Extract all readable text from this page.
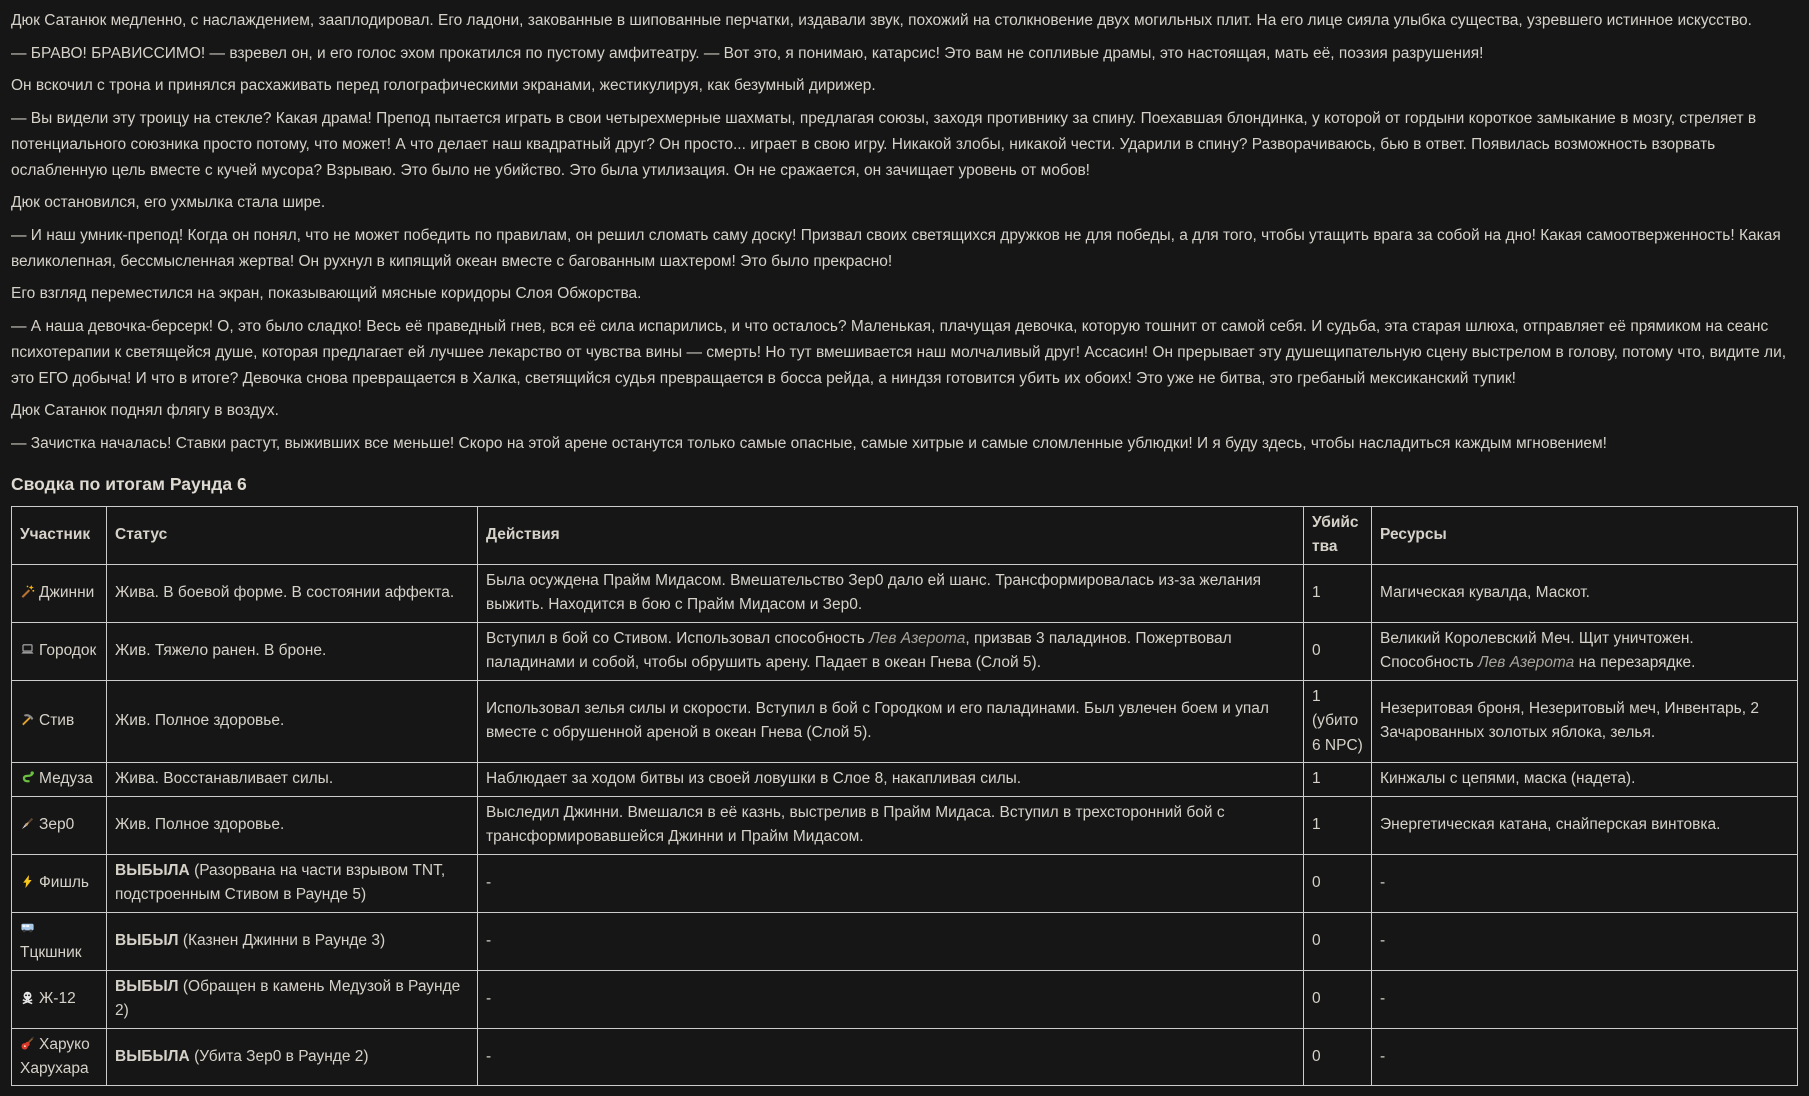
Дюк Сатанюк медленно, с наслаждением, зааплодировал. Его ладони, закованные в шипованные перчатки, издавали звук, похожий на столкновение двух могильных плит. На его лице сияла улыбка существа, узревшего истинное искусство.

— БРАВО! БРАВИССИМО! — взревел он, и его голос эхом прокатился по пустому амфитеатру. — Вот это, я понимаю, катарсис! Это вам не сопливые драмы, это настоящая, мать её, поэзия разрушения!

Он вскочил с трона и принялся расхаживать перед голографическими экранами, жестикулируя, как безумный дирижер.

— Вы видели эту троицу на стекле? Какая драма! Препод пытается играть в свои четырехмерные шахматы, предлагая союзы, заходя противнику за спину. Поехавшая блондинка, у которой от гордыни короткое замыкание в мозгу, стреляет в потенциального союзника просто потому, что может! А что делает наш квадратный друг? Он просто... играет в свою игру. Никакой злобы, никакой чести. Ударили в спину? Разворачиваюсь, бью в ответ. Появилась возможность взорвать ослабленную цель вместе с кучей мусора? Взрываю. Это было не убийство. Это была утилизация. Он не сражается, он зачищает уровень от мобов!

Дюк остановился, его ухмылка стала шире.

— И наш умник-препод! Когда он понял, что не может победить по правилам, он решил сломать саму доску! Призвал своих светящихся дружков не для победы, а для того, чтобы утащить врага за собой на дно! Какая самоотверженность! Какая великолепная, бессмысленная жертва! Он рухнул в кипящий океан вместе с багованным шахтером! Это было прекрасно!

Его взгляд переместился на экран, показывающий мясные коридоры Слоя Обжорства.

— А наша девочка-берсерк! О, это было сладко! Весь её праведный гнев, вся её сила испарились, и что осталось? Маленькая, плачущая девочка, которую тошнит от самой себя. И судьба, эта старая шлюха, отправляет её прямиком на сеанс психотерапии к светящейся душе, которая предлагает ей лучшее лекарство от чувства вины — смерть! Но тут вмешивается наш молчаливый друг! Ассасин! Он прерывает эту душещипательную сцену выстрелом в голову, потому что, видите ли, это ЕГО добыча! И что в итоге? Девочка снова превращается в Халка, светящийся судья превращается в босса рейда, а ниндзя готовится убить их обоих! Это уже не битва, это гребаный мексиканский тупик!

Дюк Сатанюк поднял флягу в воздух.

— Зачистка началась! Ставки растут, выживших все меньше! Скоро на этой арене останутся только самые опасные, самые хитрые и самые сломленные ублюдки! И я буду здесь, чтобы насладиться каждым мгновением!

Сводка по итогам Раунда 6
Участник	Статус	Действия	Убийства	Ресурсы

Джинни	Жива. В боевой форме. В состоянии аффекта.	Была осуждена Прайм Мидасом. Вмешательство Зер0 дало ей шанс. Трансформировалась из-за желания выжить. Находится в бою с Прайм Мидасом и Зер0.	1	Магическая кувалда, Маскот.

Городок	Жив. Тяжело ранен. В броне.	Вступил в бой со Стивом. Использовал способность Лев Азерота, призвав 3 паладинов. Пожертвовал паладинами и собой, чтобы обрушить арену. Падает в океан Гнева (Слой 5).	0	Великий Королевский Меч. Щит уничтожен. Способность Лев Азерота на перезарядке.

Стив	Жив. Полное здоровье.	Использовал зелья силы и скорости. Вступил в бой с Городком и его паладинами. Был увлечен боем и упал вместе с обрушенной ареной в океан Гнева (Слой 5).	1 (убито 6 NPC)	Незеритовая броня, Незеритовый меч, Инвентарь, 2 Зачарованных золотых яблока, зелья.

Медуза	Жива. Восстанавливает силы.	Наблюдает за ходом битвы из своей ловушки в Слое 8, накапливая силы.	1	Кинжалы с цепями, маска (надета).

Зер0	Жив. Полное здоровье.	Выследил Джинни. Вмешался в её казнь, выстрелив в Прайм Мидаса. Вступил в трехсторонний бой с трансформировавшейся Джинни и Прайм Мидасом.	1	Энергетическая катана, снайперская винтовка.

Фишль	ВЫБЫЛА (Разорвана на части взрывом TNT, подстроенным Стивом в Раунде 5)	-	0	-

Тцкшник	ВЫБЫЛ (Казнен Джинни в Раунде 3)	-	0	-

Ж-12	ВЫБЫЛ (Обращен в камень Медузой в Раунде 2)	-	0	-

Харуко Харухара	ВЫБЫЛА (Убита Зер0 в Раунде 2)	-	0	-
